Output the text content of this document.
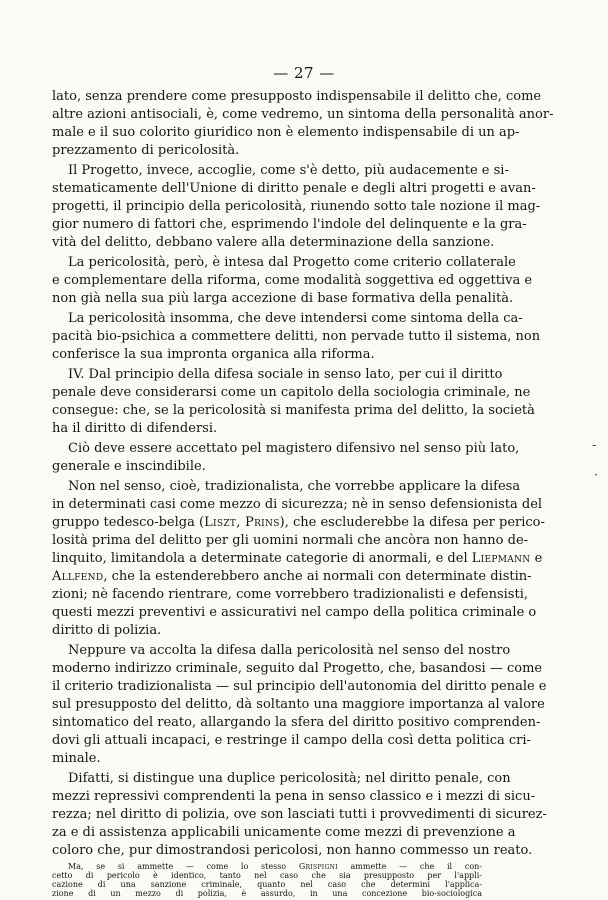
— 27 —
lato, senza prendere come presupposto indispensabile il delitto che, come
altre azioni antisociali, è, come vedremo, un sintoma della personalità anor-
male e il suo colorito giuridico non è elemento indispensabile di un ap-
prezzamento di pericolosità.
Il Progetto, invece, accoglie, come s'è detto, più audacemente e si-
stematicamente dell'Unione di diritto penale e degli altri progetti e avan-
progetti, il principio della pericolosità, riunendo sotto tale nozione il mag-
gior numero di fattori che, esprimendo l'indole del delinquente e la gra-
vità del delitto, debbano valere alla determinazione della sanzione.
La pericolosità, però, è intesa dal Progetto come criterio collaterale
e complementare della riforma, come modalità soggettiva ed oggettiva e
non già nella sua più larga accezione di base formativa della penalità.
La pericolosità insomma, che deve intendersi come sintoma della ca-
pacità bio-psichica a commettere delitti, non pervade tutto il sistema, non
conferisce la sua impronta organica alla riforma.
IV. Dal principio della difesa sociale in senso lato, per cui il diritto
penale deve considerarsi come un capitolo della sociologia criminale, ne
consegue: che, se la pericolosità si manifesta prima del delitto, la società
ha il diritto di difendersi.
Ciò deve essere accettato pel magistero difensivo nel senso più lato,
generale e inscindibile.
Non nel senso, cioè, tradizionalista, che vorrebbe applicare la difesa
in determinati casi come mezzo di sicurezza; nè in senso defensionista del
gruppo tedesco-belga (Liszt, Prins), che escluderebbe la difesa per perico-
losità prima del delitto per gli uomini normali che ancòra non hanno de-
linquito, limitandola a determinate categorie di anormali, e del Liepmann e
Allfend, che la estenderebbero anche ai normali con determinate distin-
zioni; nè facendo rientrare, come vorrebbero tradizionalisti e defensisti,
questi mezzi preventivi e assicurativi nel campo della politica criminale o
diritto di polizia.
Neppure va accolta la difesa dalla pericolosità nel senso del nostro
moderno indirizzo criminale, seguito dal Progetto, che, basandosi — come
il criterio tradizionalista — sul principio dell'autonomia del diritto penale e
sul presupposto del delitto, dà soltanto una maggiore importanza al valore
sintomatico del reato, allargando la sfera del diritto positivo comprenden-
dovi gli attuali incapaci, e restringe il campo della così detta politica cri-
minale.
Difatti, si distingue una duplice pericolosità; nel diritto penale, con
mezzi repressivi comprendenti la pena in senso classico e i mezzi di sicu-
rezza; nel diritto di polizia, ove son lasciati tutti i provvedimenti di sicurez-
za e di assistenza applicabili unicamente come mezzi di prevenzione a
coloro che, pur dimostrandosi pericolosi, non hanno commesso un reato.
Ma, se si ammette — come lo stesso Grispigni ammette — che il con-
cetto di pericolo è identico, tanto nel caso che sia presupposto per l'appli-
cazione di una sanzione criminale, quanto nel caso che determini l'applica-
zione di un mezzo di polizia, è assurdo, in una concezione bio-sociologica
-
·
